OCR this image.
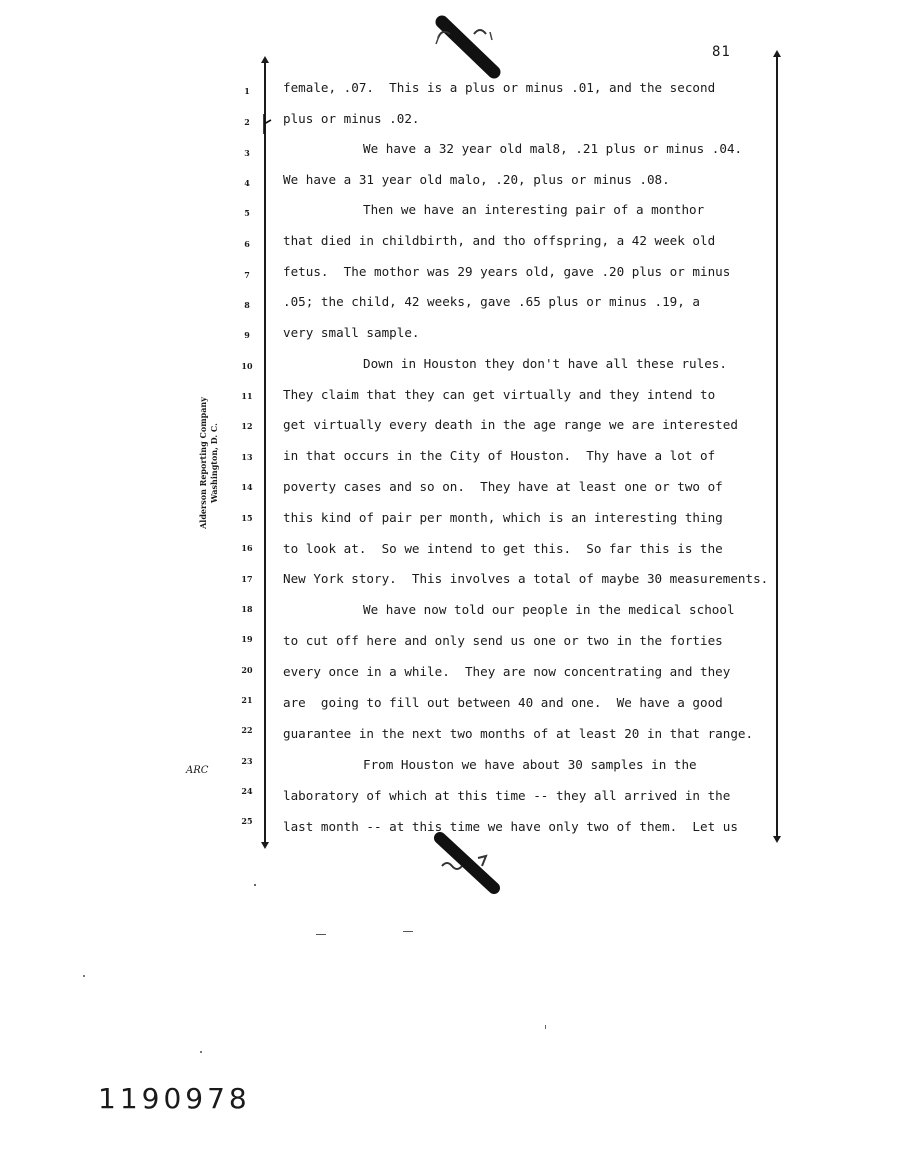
81
1
2
3
4
5
6
7
8
9
10
11
12
13
14
15
16
17
18
19
20
21
22
23
24
25
female, .07.  This is a plus or minus .01, and the second
plus or minus .02.
We have a 32 year old mal8, .21 plus or minus .04.
We have a 31 year old malo, .20, plus or minus .08.
Then we have an interesting pair of a monthor
that died in childbirth, and tho offspring, a 42 week old
fetus.  The mothor was 29 years old, gave .20 plus or minus
.05; the child, 42 weeks, gave .65 plus or minus .19, a
very small sample.
Down in Houston they don't have all these rules.
They claim that they can get virtually and they intend to
get virtually every death in the age range we are interested
in that occurs in the City of Houston.  Thy have a lot of
poverty cases and so on.  They have at least one or two of
this kind of pair per month, which is an interesting thing
to look at.  So we intend to get this.  So far this is the
New York story.  This involves a total of maybe 30 measurements.
We have now told our people in the medical school
to cut off here and only send us one or two in the forties
every once in a while.  They are now concentrating and they
are  going to fill out between 40 and one.  We have a good
guarantee in the next two months of at least 20 in that range.
From Houston we have about 30 samples in the
laboratory of which at this time -- they all arrived in the
last month -- at this time we have only two of them.  Let us
Alderson Reporting Company Washington, D. C.
ARC
1190978
